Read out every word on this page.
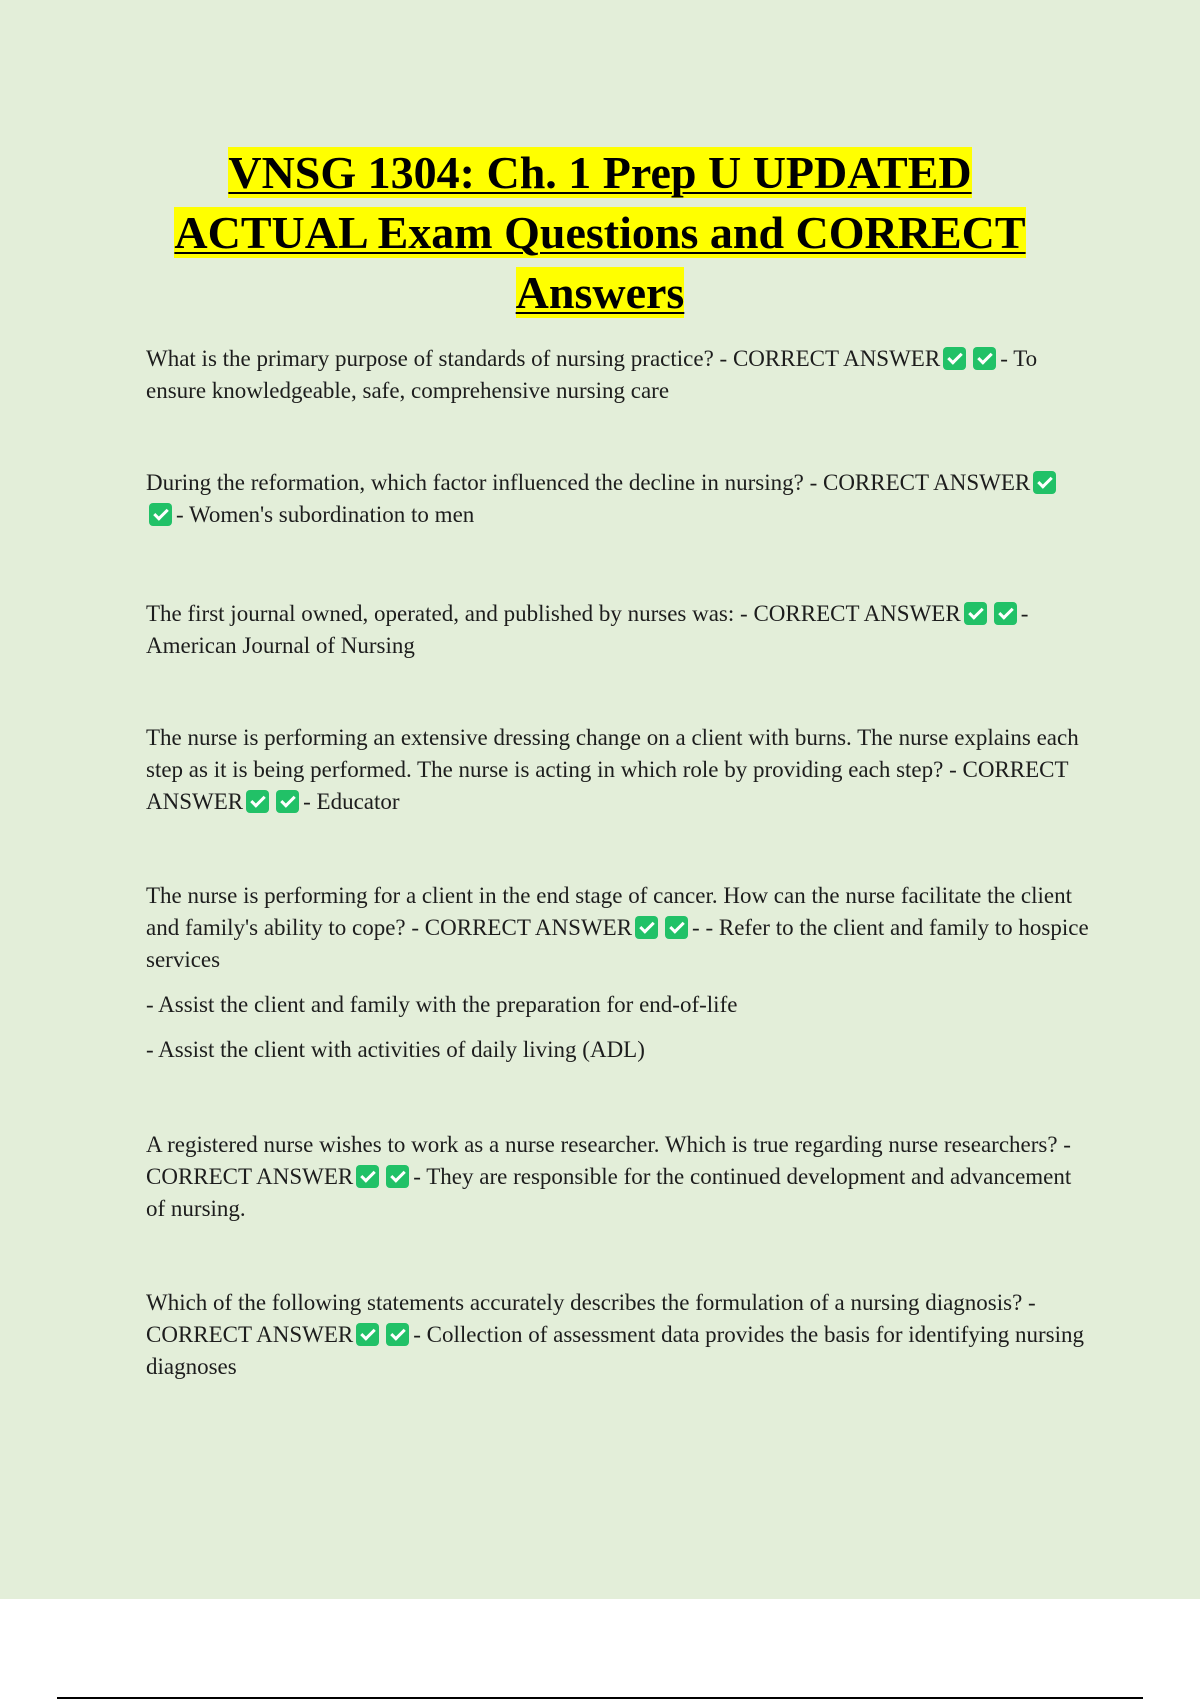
VNSG 1304: Ch. 1 Prep U UPDATED
ACTUAL Exam Questions and CORRECT
Answers

What is the primary purpose of standards of nursing practice? - CORRECT ANSWER	- To ensure knowledgeable, safe, comprehensive nursing care

During the reformation, which factor influenced the decline in nursing? - CORRECT ANSWER- Women's subordination to men

The first journal owned, operated, and published by nurses was: - CORRECT ANSWER	- American Journal of Nursing

The nurse is performing an extensive dressing change on a client with burns. The nurse explains each step as it is being performed. The nurse is acting in which role by providing each step? - CORRECT ANSWER	- Educator

The nurse is performing for a client in the end stage of cancer. How can the nurse facilitate the client and family's ability to cope? - CORRECT ANSWER	- - Refer to the client and family to hospice services

- Assist the client and family with the preparation for end-of-life

- Assist the client with activities of daily living (ADL)

A registered nurse wishes to work as a nurse researcher. Which is true regarding nurse researchers? - CORRECT ANSWER	- They are responsible for the continued development and advancement of nursing.

Which of the following statements accurately describes the formulation of a nursing diagnosis? - CORRECT ANSWER	- Collection of assessment data provides the basis for identifying nursing diagnoses
